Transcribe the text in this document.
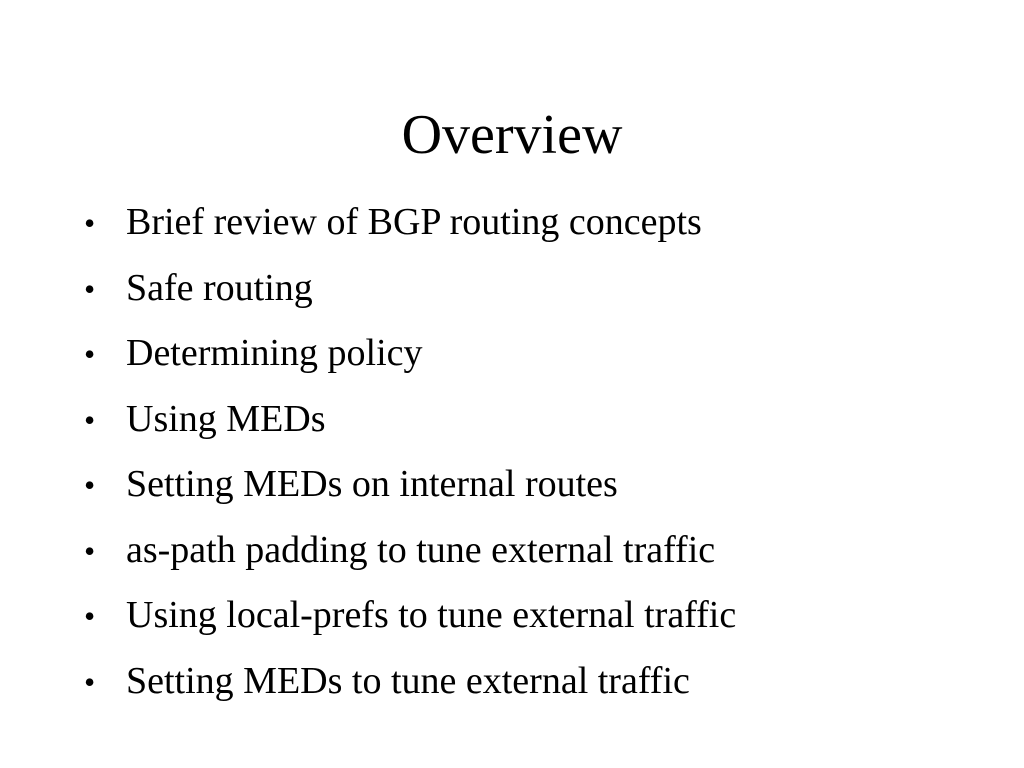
Overview
• Brief review of BGP routing concepts
• Safe routing
• Determining policy
• Using MEDs
• Setting MEDs on internal routes
• as-path padding to tune external traffic
• Using local-prefs to tune external traffic
• Setting MEDs to tune external traffic
